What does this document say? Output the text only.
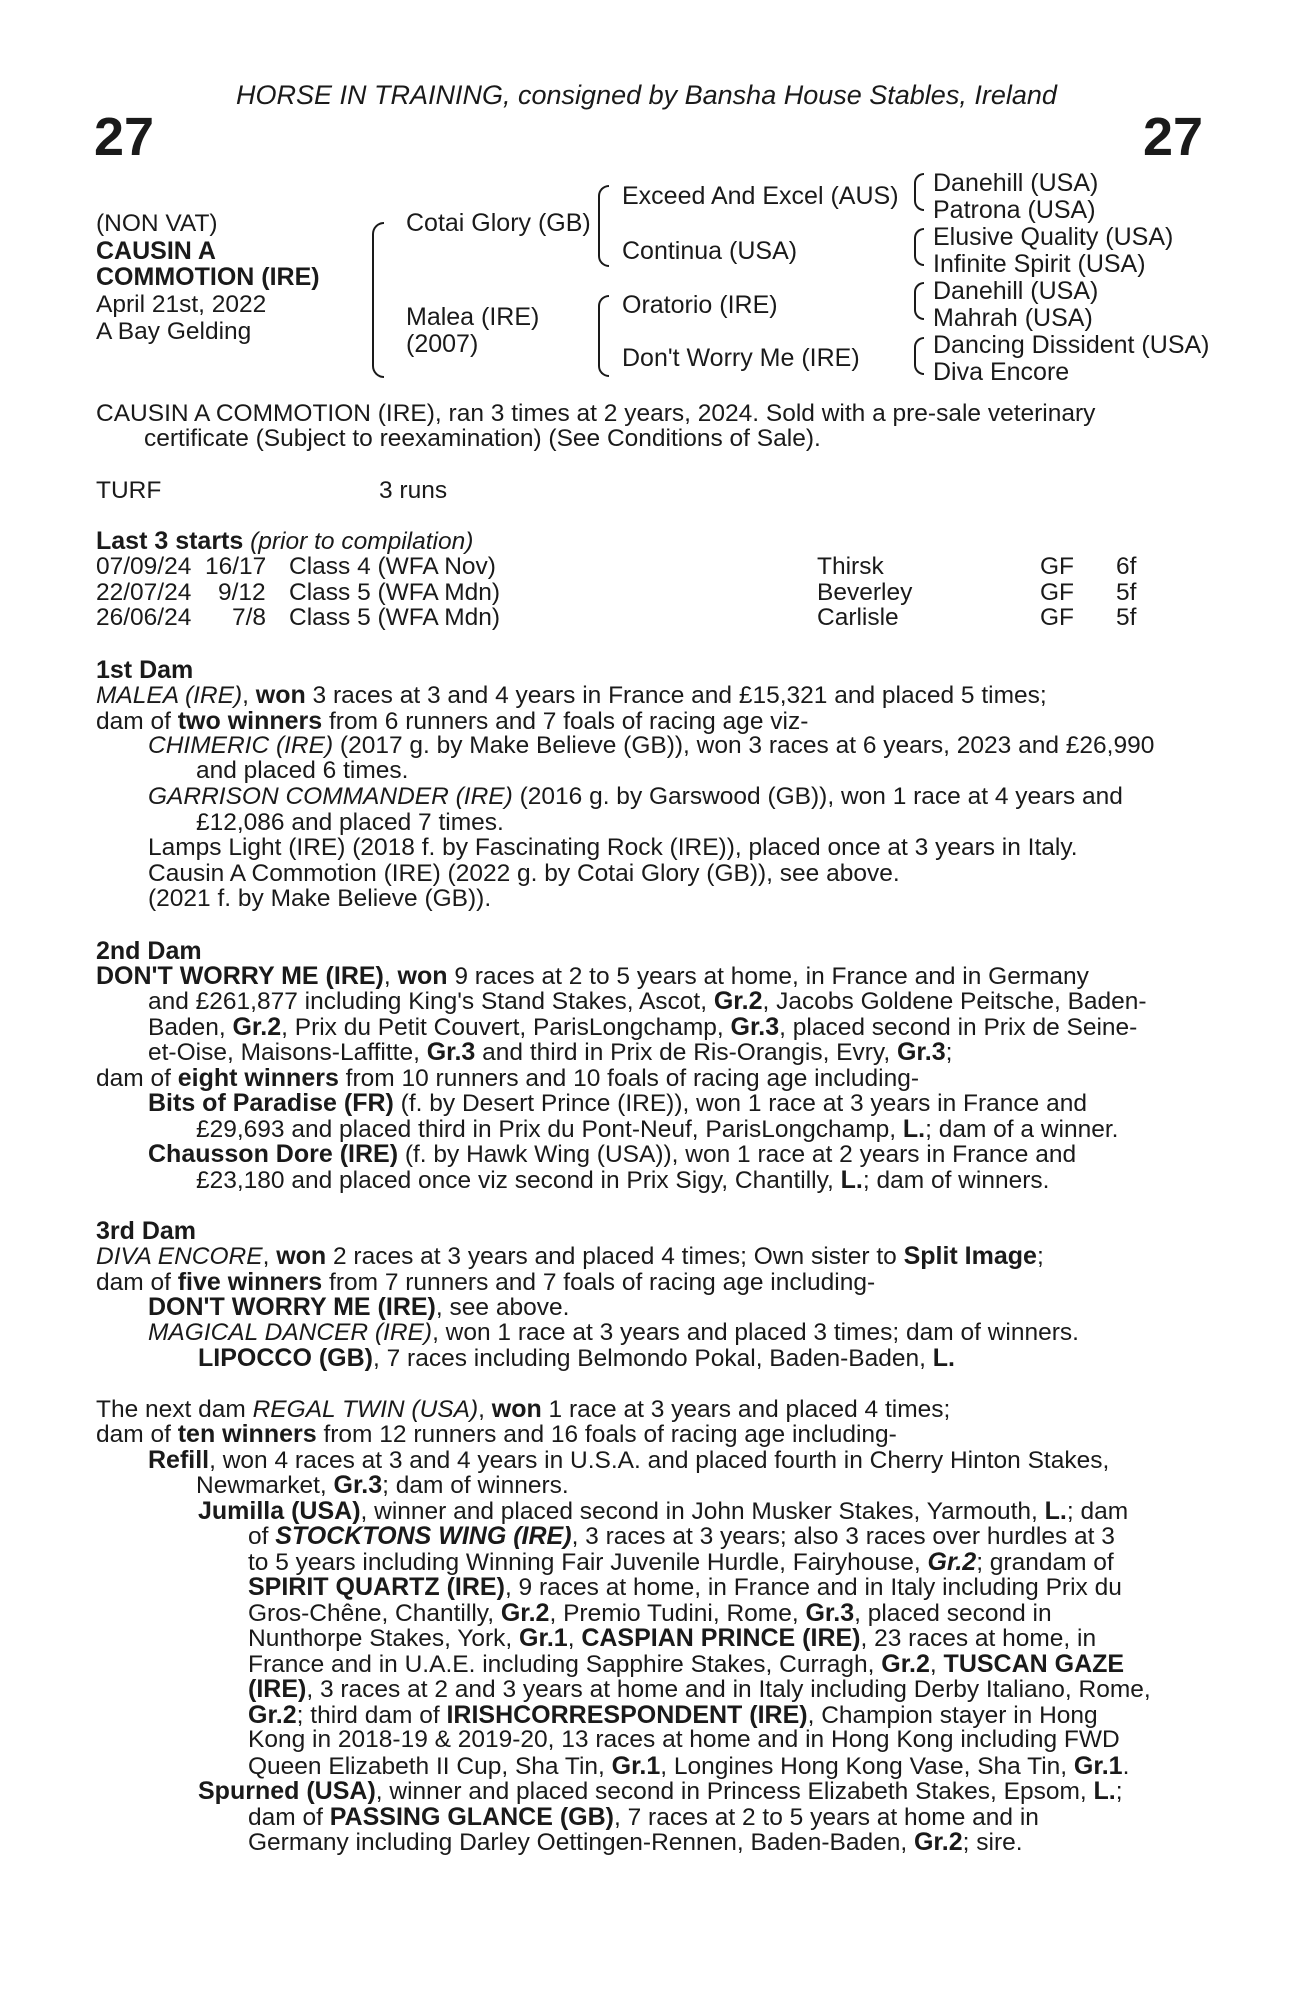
HORSE IN TRAINING, consigned by Bansha House Stables, Ireland
27	27
(NON VAT)
CAUSIN A
COMMOTION (IRE)
April 21st, 2022
A Bay Gelding
Cotai Glory (GB)
Malea (IRE)
(2007)
Exceed And Excel (AUS)
Continua (USA)
Oratorio (IRE)
Don't Worry Me (IRE)
Danehill (USA)
Patrona (USA)
Elusive Quality (USA)
Infinite Spirit (USA)
Danehill (USA)
Mahrah (USA)
Dancing Dissident (USA)
Diva Encore
CAUSIN A COMMOTION (IRE), ran 3 times at 2 years, 2024. Sold with a pre-sale veterinary
certificate (Subject to reexamination) (See Conditions of Sale).
TURF	3 runs
Last 3 starts (prior to compilation)
07/09/24 16/17 Class 4 (WFA Nov)	Thirsk	GF 6f
22/07/24 9/12 Class 5 (WFA Mdn)	Beverley	GF 5f
26/06/24 7/8 Class 5 (WFA Mdn)	Carlisle	GF 5f
1st Dam
MALEA (IRE), won 3 races at 3 and 4 years in France and £15,321 and placed 5 times;
dam of two winners from 6 runners and 7 foals of racing age viz-
CHIMERIC (IRE) (2017 g. by Make Believe (GB)), won 3 races at 6 years, 2023 and £26,990
and placed 6 times.
GARRISON COMMANDER (IRE) (2016 g. by Garswood (GB)), won 1 race at 4 years and
£12,086 and placed 7 times.
Lamps Light (IRE) (2018 f. by Fascinating Rock (IRE)), placed once at 3 years in Italy.
Causin A Commotion (IRE) (2022 g. by Cotai Glory (GB)), see above.
(2021 f. by Make Believe (GB)).
2nd Dam
DON'T WORRY ME (IRE), won 9 races at 2 to 5 years at home, in France and in Germany
and £261,877 including King's Stand Stakes, Ascot, Gr.2, Jacobs Goldene Peitsche, Baden-
Baden, Gr.2, Prix du Petit Couvert, ParisLongchamp, Gr.3, placed second in Prix de Seine-
et-Oise, Maisons-Laffitte, Gr.3 and third in Prix de Ris-Orangis, Evry, Gr.3;
dam of eight winners from 10 runners and 10 foals of racing age including-
Bits of Paradise (FR) (f. by Desert Prince (IRE)), won 1 race at 3 years in France and
£29,693 and placed third in Prix du Pont-Neuf, ParisLongchamp, L.; dam of a winner.
Chausson Dore (IRE) (f. by Hawk Wing (USA)), won 1 race at 2 years in France and
£23,180 and placed once viz second in Prix Sigy, Chantilly, L.; dam of winners.
3rd Dam
DIVA ENCORE, won 2 races at 3 years and placed 4 times; Own sister to Split Image;
dam of five winners from 7 runners and 7 foals of racing age including-
DON'T WORRY ME (IRE), see above.
MAGICAL DANCER (IRE), won 1 race at 3 years and placed 3 times; dam of winners.
LIPOCCO (GB), 7 races including Belmondo Pokal, Baden-Baden, L.
The next dam REGAL TWIN (USA), won 1 race at 3 years and placed 4 times;
dam of ten winners from 12 runners and 16 foals of racing age including-
Refill, won 4 races at 3 and 4 years in U.S.A. and placed fourth in Cherry Hinton Stakes,
Newmarket, Gr.3; dam of winners.
Jumilla (USA), winner and placed second in John Musker Stakes, Yarmouth, L.; dam
of STOCKTONS WING (IRE), 3 races at 3 years; also 3 races over hurdles at 3
to 5 years including Winning Fair Juvenile Hurdle, Fairyhouse, Gr.2; grandam of
SPIRIT QUARTZ (IRE), 9 races at home, in France and in Italy including Prix du
Gros-Chêne, Chantilly, Gr.2, Premio Tudini, Rome, Gr.3, placed second in
Nunthorpe Stakes, York, Gr.1, CASPIAN PRINCE (IRE), 23 races at home, in
France and in U.A.E. including Sapphire Stakes, Curragh, Gr.2, TUSCAN GAZE
(IRE), 3 races at 2 and 3 years at home and in Italy including Derby Italiano, Rome,
Gr.2; third dam of IRISHCORRESPONDENT (IRE), Champion stayer in Hong
Kong in 2018-19 & 2019-20, 13 races at home and in Hong Kong including FWD
Queen Elizabeth II Cup, Sha Tin, Gr.1, Longines Hong Kong Vase, Sha Tin, Gr.1.
Spurned (USA), winner and placed second in Princess Elizabeth Stakes, Epsom, L.;
dam of PASSING GLANCE (GB), 7 races at 2 to 5 years at home and in
Germany including Darley Oettingen-Rennen, Baden-Baden, Gr.2; sire.
